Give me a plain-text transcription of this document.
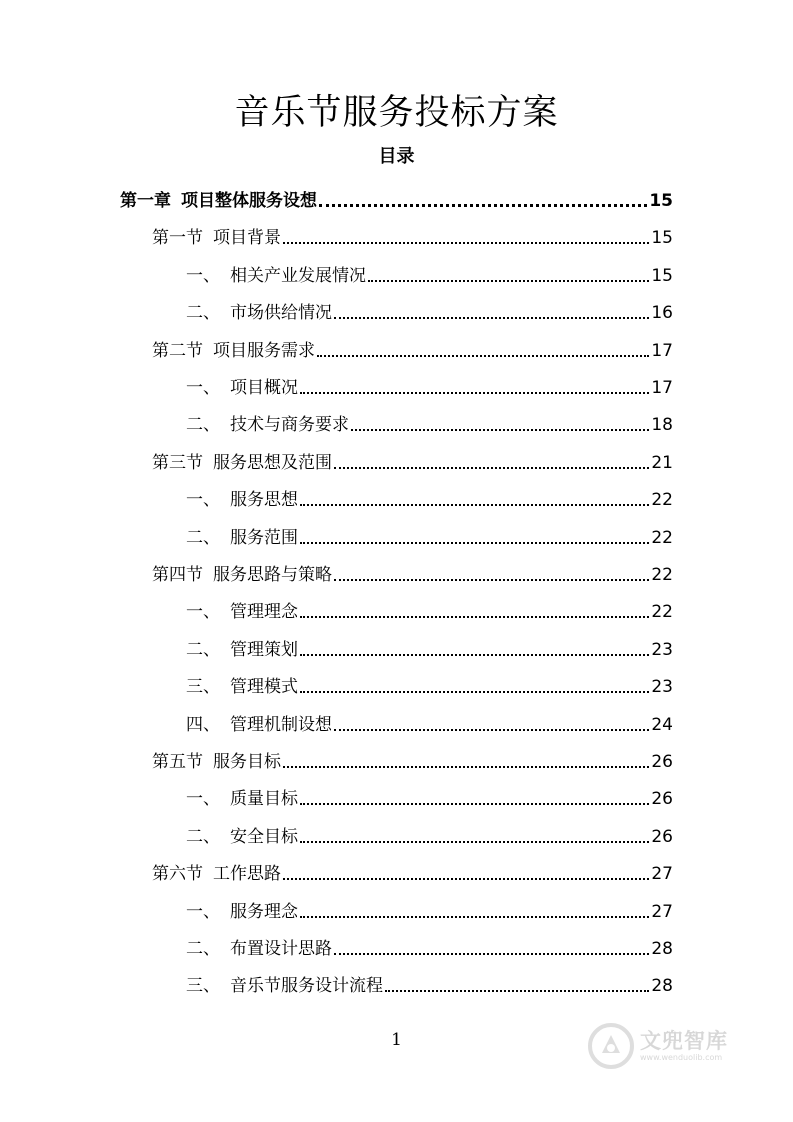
音乐节服务投标方案
目录
第一章 项目整体服务设想	15
第一节 项目背景	15
一、 相关产业发展情况	15
二、 市场供给情况	16
第二节 项目服务需求	17
一、 项目概况	17
二、 技术与商务要求	18
第三节 服务思想及范围	21
一、 服务思想	22
二、 服务范围	22
第四节 服务思路与策略	22
一、 管理理念	22
二、 管理策划	23
三、 管理模式	23
四、 管理机制设想	24
第五节 服务目标	26
一、 质量目标	26
二、 安全目标	26
第六节 工作思路	27
一、 服务理念	27
二、 布置设计思路	28
三、 音乐节服务设计流程	28
1	文兜智库
www.wenduolib.com
